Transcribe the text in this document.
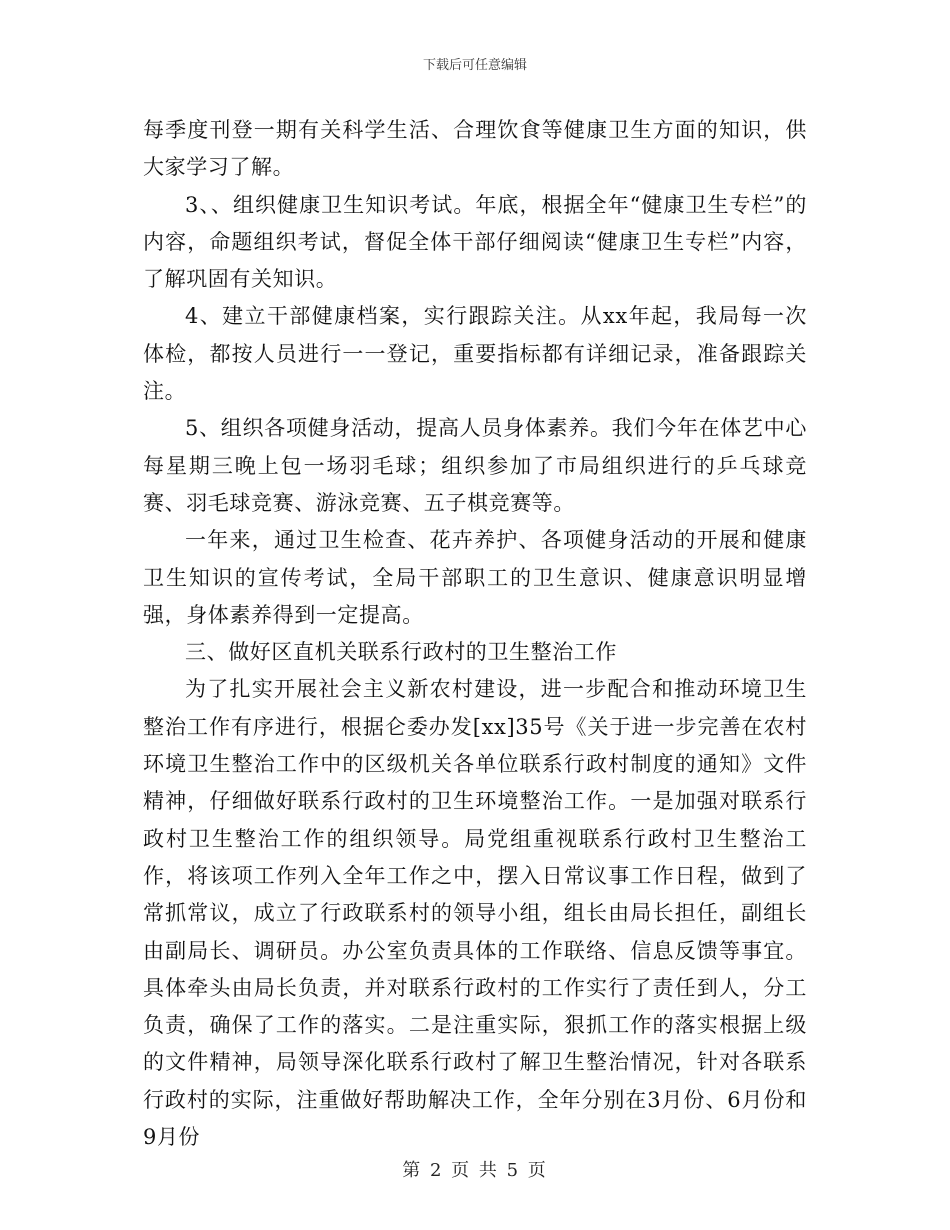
下载后可任意编辑

每季度刊登一期有关科学生活、合理饮食等健康卫生方面的知识，供大家学习了解。

3、、组织健康卫生知识考试。年底，根据全年“健康卫生专栏”的内容，命题组织考试，督促全体干部仔细阅读“健康卫生专栏”内容，了解巩固有关知识。

4、建立干部健康档案，实行跟踪关注。从xx年起，我局每一次体检，都按人员进行一一登记，重要指标都有详细记录，准备跟踪关注。

5、组织各项健身活动，提高人员身体素养。我们今年在体艺中心每星期三晚上包一场羽毛球；组织参加了市局组织进行的乒乓球竞赛、羽毛球竞赛、游泳竞赛、五子棋竞赛等。

一年来，通过卫生检查、花卉养护、各项健身活动的开展和健康卫生知识的宣传考试，全局干部职工的卫生意识、健康意识明显增强，身体素养得到一定提高。

三、做好区直机关联系行政村的卫生整治工作

为了扎实开展社会主义新农村建设，进一步配合和推动环境卫生整治工作有序进行，根据仑委办发[xx]35号《关于进一步完善在农村环境卫生整治工作中的区级机关各单位联系行政村制度的通知》文件精神，仔细做好联系行政村的卫生环境整治工作。一是加强对联系行政村卫生整治工作的组织领导。局党组重视联系行政村卫生整治工作，将该项工作列入全年工作之中，摆入日常议事工作日程，做到了常抓常议，成立了行政联系村的领导小组，组长由局长担任，副组长由副局长、调研员。办公室负责具体的工作联络、信息反馈等事宜。具体牵头由局长负责，并对联系行政村的工作实行了责任到人，分工负责，确保了工作的落实。二是注重实际，狠抓工作的落实根据上级的文件精神，局领导深化联系行政村了解卫生整治情况，针对各联系行政村的实际，注重做好帮助解决工作，全年分别在3月份、6月份和9月份

第 2 页 共 5 页
